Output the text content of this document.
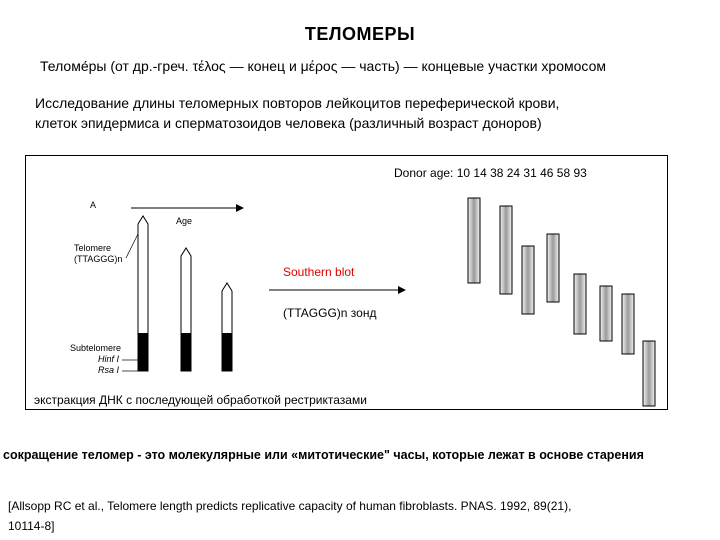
ТЕЛОМЕРЫ
Теломе́ры (от др.-греч. τέλος — конец и μέρος — часть) — концевые участки хромосом
Исследование длины теломерных повторов лейкоцитов переферической крови,
клеток эпидермиса и сперматозоидов человека (различный возраст доноров)
A
Age
Telomere
(TTAGGG)n
Subtelomere
Hinf I
Rsa I
Donor age: 10 14 38 24 31 46 58 93
Southern blot
(TTAGGG)n зонд
экстракция ДНК с последующей обработкой рестриктазами
сокращение теломер - это молекулярные или «митотические" часы, которые лежат в основе старения
[Allsopp RC et al., Telomere length predicts replicative capacity of human fibroblasts. PNAS. 1992, 89(21),
10114-8]
